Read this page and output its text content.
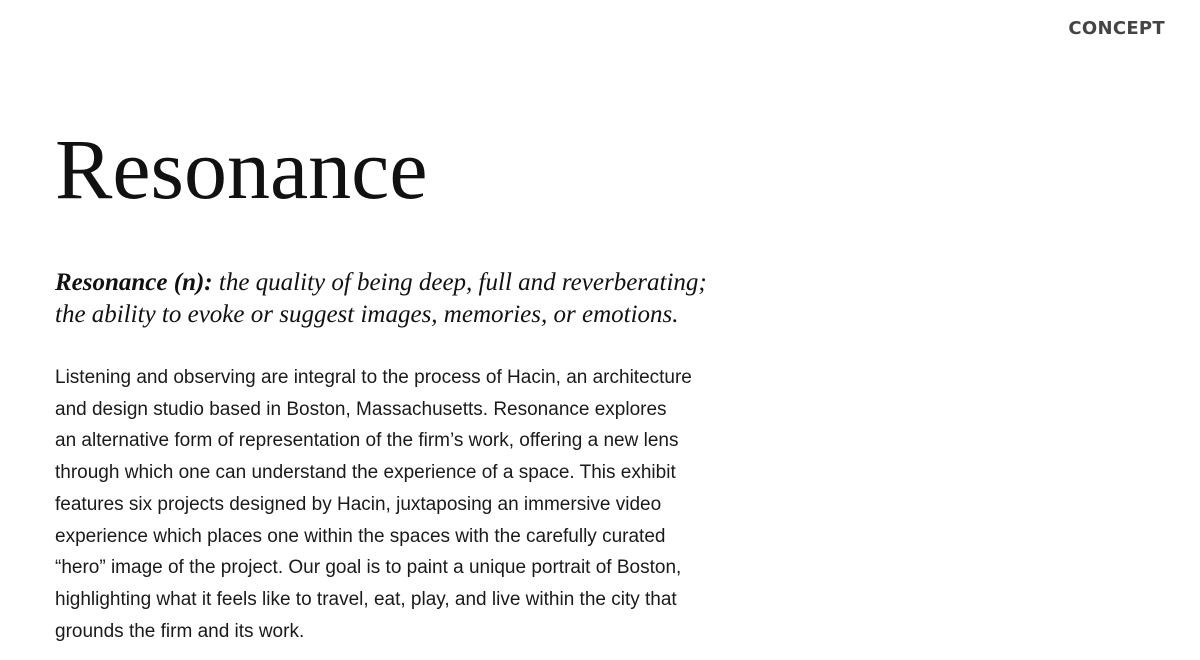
CONCEPT
Resonance

Resonance (n): the quality of being deep, full and reverberating;
the ability to evoke or suggest images, memories, or emotions.

Listening and observing are integral to the process of Hacin, an architecture
and design studio based in Boston, Massachusetts. Resonance explores
an alternative form of representation of the firm’s work, offering a new lens
through which one can understand the experience of a space. This exhibit
features six projects designed by Hacin, juxtaposing an immersive video
experience which places one within the spaces with the carefully curated
“hero” image of the project. Our goal is to paint a unique portrait of Boston,
highlighting what it feels like to travel, eat, play, and live within the city that
grounds the firm and its work.
